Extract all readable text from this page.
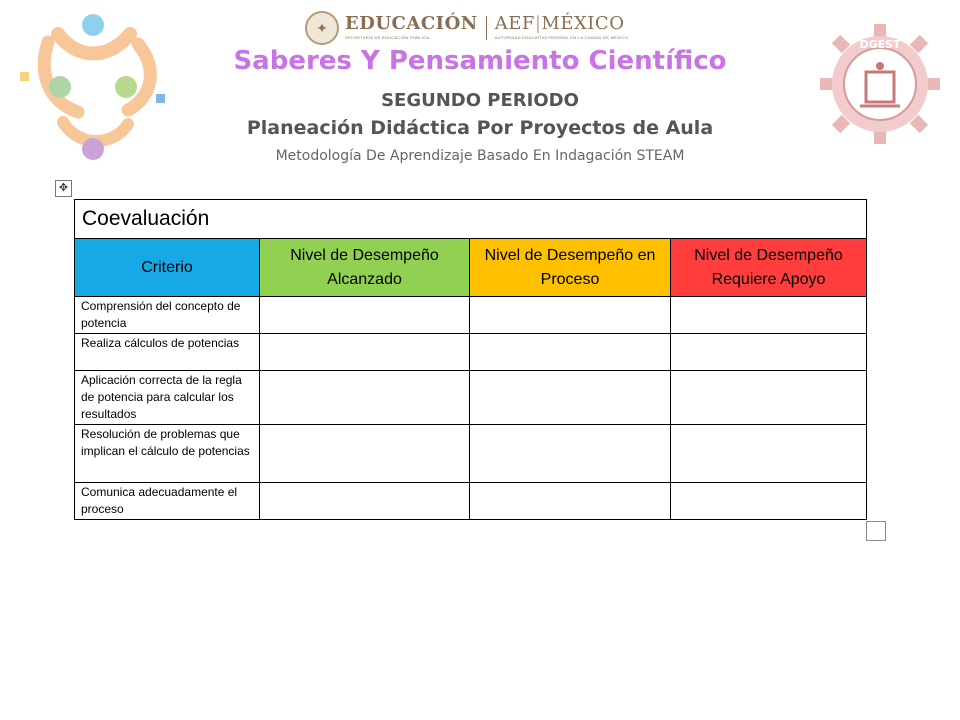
DGEST
✦ EDUCACIÓN
SECRETARÍA DE EDUCACIÓN PÚBLICA
AEF|MÉXICO
AUTORIDAD EDUCATIVA FEDERAL EN LA CIUDAD DE MÉXICO
Saberes Y Pensamiento Científico
SEGUNDO PERIODO
Planeación Didáctica Por Proyectos de Aula
Metodología De Aprendizaje Basado En Indagación STEAM
✥
Coevaluación			
Criterio	Nivel de Desempeño Alcanzado	Nivel de Desempeño en Proceso	Nivel de Desempeño Requiere Apoyo
Comprensión del concepto de potencia			
Realiza cálculos de potencias			
Aplicación correcta de la regla de potencia para calcular los resultados			
Resolución de problemas que implican el cálculo de potencias			
Comunica adecuadamente el proceso			
